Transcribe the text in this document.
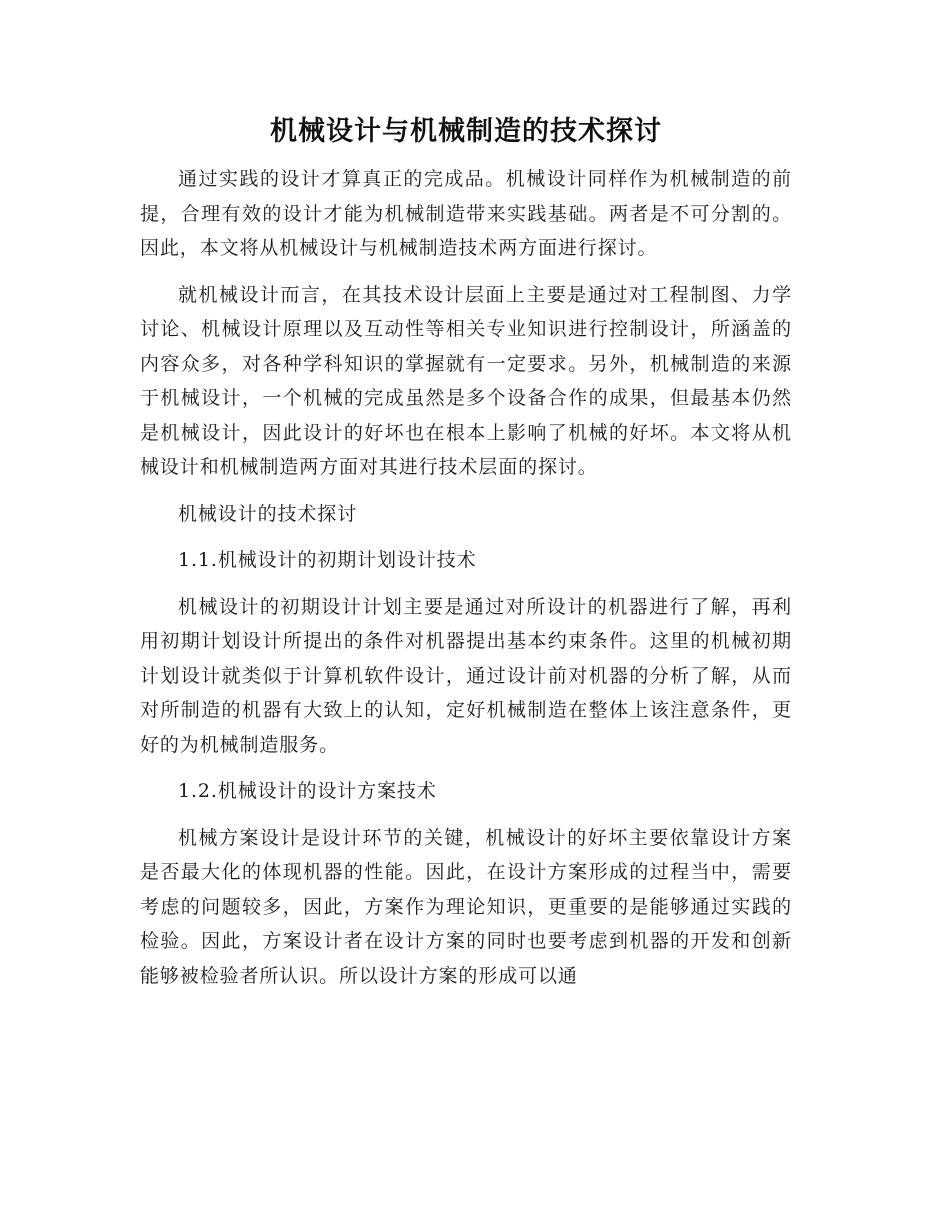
机械设计与机械制造的技术探讨

通过实践的设计才算真正的完成品。机械设计同样作为机械制造的前提，合理有效的设计才能为机械制造带来实践基础。两者是不可分割的。因此，本文将从机械设计与机械制造技术两方面进行探讨。

就机械设计而言，在其技术设计层面上主要是通过对工程制图、力学讨论、机械设计原理以及互动性等相关专业知识进行控制设计，所涵盖的内容众多，对各种学科知识的掌握就有一定要求。另外，机械制造的来源于机械设计，一个机械的完成虽然是多个设备合作的成果，但最基本仍然是机械设计，因此设计的好坏也在根本上影响了机械的好坏。本文将从机械设计和机械制造两方面对其进行技术层面的探讨。

机械设计的技术探讨

1.1.机械设计的初期计划设计技术

机械设计的初期设计计划主要是通过对所设计的机器进行了解，再利用初期计划设计所提出的条件对机器提出基本约束条件。这里的机械初期计划设计就类似于计算机软件设计，通过设计前对机器的分析了解，从而对所制造的机器有大致上的认知，定好机械制造在整体上该注意条件，更好的为机械制造服务。

1.2.机械设计的设计方案技术

机械方案设计是设计环节的关键，机械设计的好坏主要依靠设计方案是否最大化的体现机器的性能。因此，在设计方案形成的过程当中，需要考虑的问题较多，因此，方案作为理论知识，更重要的是能够通过实践的检验。因此，方案设计者在设计方案的同时也要考虑到机器的开发和创新能够被检验者所认识。所以设计方案的形成可以通
